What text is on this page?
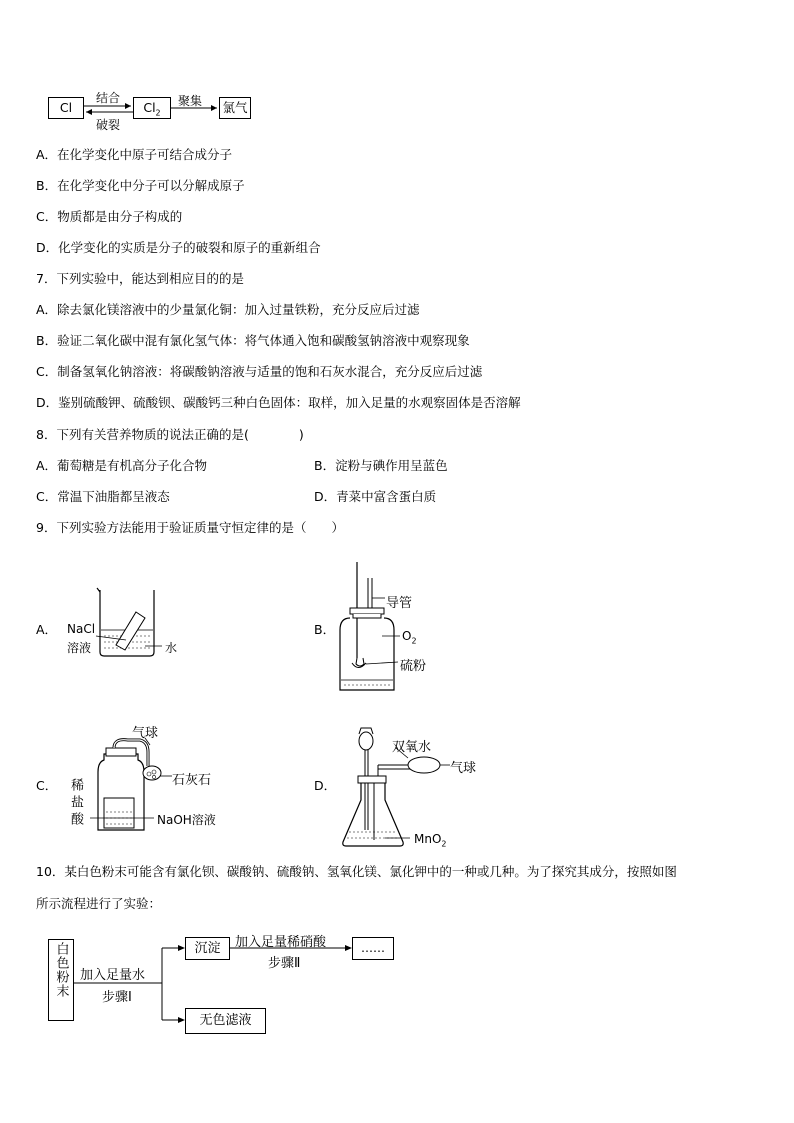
Cl	$Cl_2$	氯气
结合
破裂
聚集
A．在化学变化中原子可结合成分子
B．在化学变化中分子可以分解成原子
C．物质都是由分子构成的
D．化学变化的实质是分子的破裂和原子的重新组合
7．下列实验中，能达到相应目的的是
A．除去氯化镁溶液中的少量氯化铜：加入过量铁粉，充分反应后过滤
B．验证二氧化碳中混有氯化氢气体：将气体通入饱和碳酸氢钠溶液中观察现象
C．制备氢氧化钠溶液：将碳酸钠溶液与适量的饱和石灰水混合，充分反应后过滤
D．鉴别硫酸钾、硫酸钡、碳酸钙三种白色固体：取样，加入足量的水观察固体是否溶解
8．下列有关营养物质的说法正确的是(　　　　)
A．葡萄糖是有机高分子化合物	B．淀粉与碘作用呈蓝色
C．常温下油脂都呈液态	D．青菜中富含蛋白质
9．下列实验方法能用于验证质量守恒定律的是（　　）
A． NaCl
溶液	水
B．
导管
$O_2$
硫粉
C． 稀盐酸
气球
石灰石
NaOH溶液
D．
双氧水
气球
MnO$_2$
10．某白色粉末可能含有氯化钡、碳酸钠、硫酸钠、氢氧化镁、氯化钾中的一种或几种。为了探究其成分，按照如图
所示流程进行了实验：
白色粉末 加入足量水
步骤Ⅰ
沉淀	加入足量稀硝酸
步骤Ⅱ
……
无色滤液
